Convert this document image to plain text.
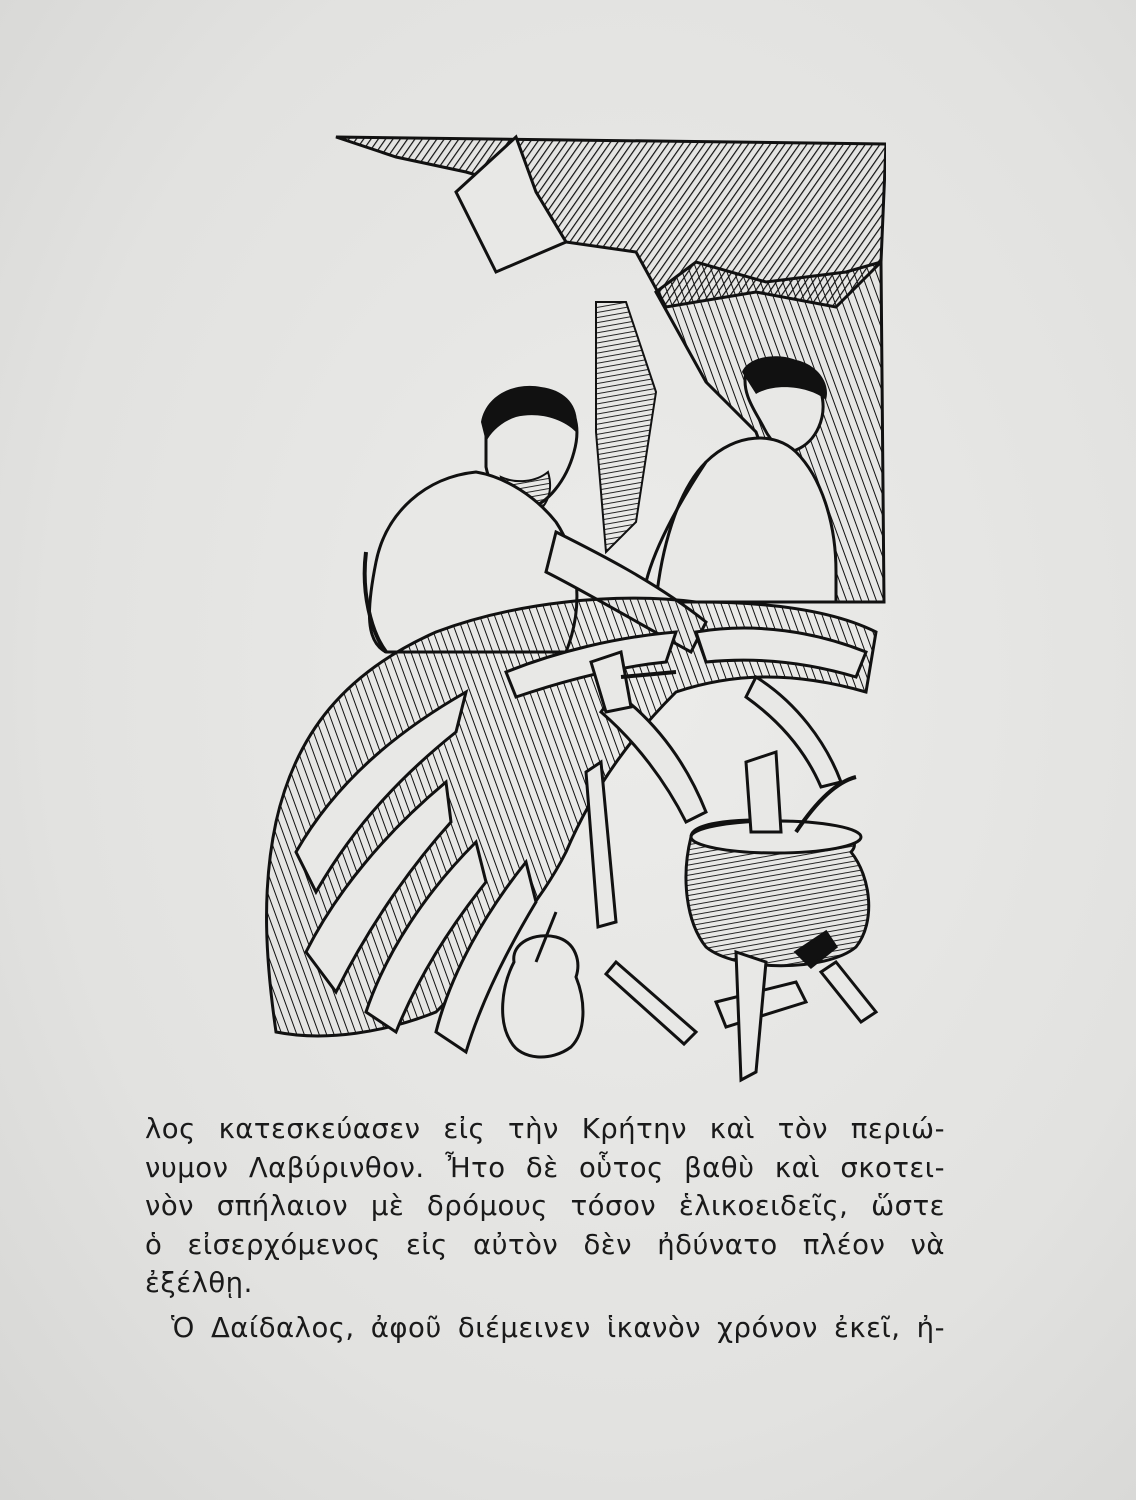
λος κατεσκεύασεν εἰς τὴν Κρήτην καὶ τὸν περιώ-
νυμον Λαβύρινθον. Ἦτο δὲ οὗτος βαθὺ καὶ σκοτει-
νὸν σπήλαιον μὲ δρόμους τόσον ἑλικοειδεῖς, ὥστε
ὁ εἰσερχόμενος εἰς αὐτὸν δὲν ἠδύνατο πλέον νὰ
ἐξέλθῃ.
Ὁ Δαίδαλος, ἀφοῦ διέμεινεν ἱκανὸν χρόνον ἐκεῖ, ἠ-
